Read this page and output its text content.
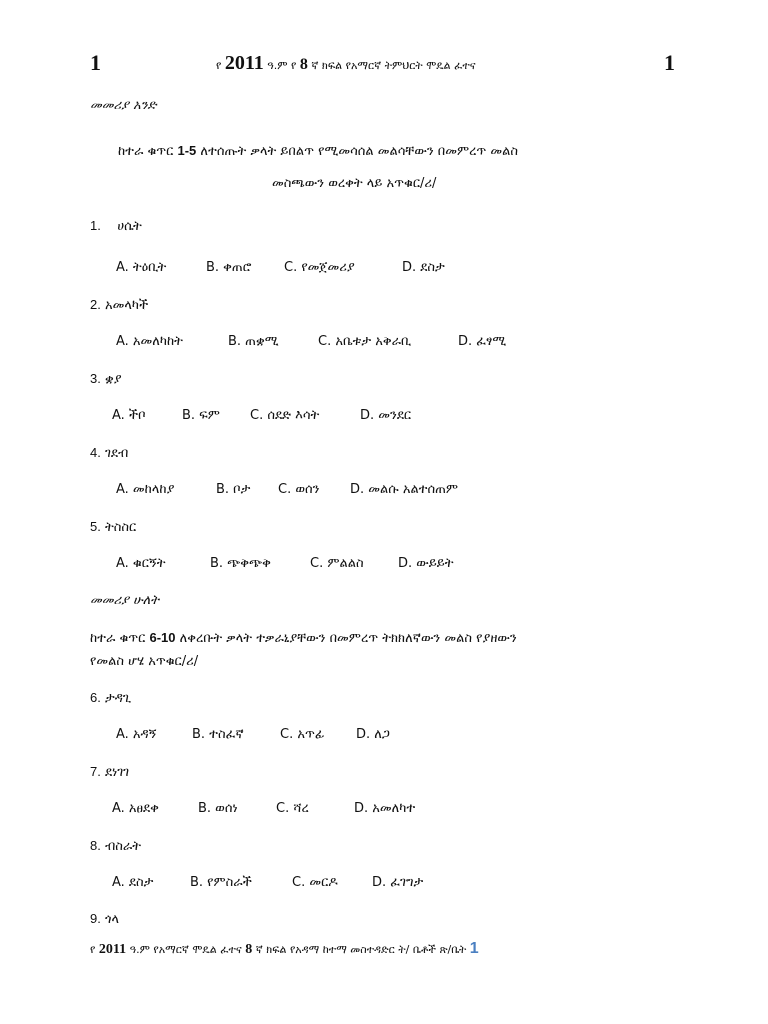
1	የ 2011 ዓ.ም የ 8 ኛ ክፍል የአማርኛ ትምህርት ሞዴል ፈተና	1
መመሪያ አንድ
ከተራ ቁጥር 1-5 ለተሰጡት ቃላት ይበልጥ የሚመሳሰል መልሳቸውን በመምረጥ መልስ
መስጫውን ወረቀት ላይ አጥቁር/ሪ/
1. ሀሴት
A. ትዕቢት	B. ቀጠሮ	C. የመጀመሪያ	D. ደስታ
2. አመላካች
A. አመለካከት	B. ጠቋሚ	C. አቤቱታ አቅራቢ	D. ፈፃሚ
3. ቋያ
A. ችቦ	B. ፍም C. ሰደድ እሳት	D. መንደር
4. ገደብ
A. መከላከያ	B. ቦታ C. ወሰን D. መልሱ አልተሰጠም
5. ትስስር
A. ቁርኝት	B. ጭቅጭቅ	C. ምልልስ	D. ውይይት
መመሪያ ሁለት
ከተራ ቁጥር 6-10 ለቀረቡት ቃላት ተቃራኒያቸውን በመምረጥ ትክክለኛውን መልስ የያዘውን
የመልስ ሆሄ አጥቁር/ሪ/
6. ታዳጊ
A. አዳኝ	B. ተስፈኛ	C. አጥፊ D. ለጋ
7. ደነገገ
A. አፀደቀ	B. ወሰነ	C. ሻረ	D. አመለካተ
8. ብስራት
A. ደስታ	B. የምስራች	C. መርዶ	D. ፈገግታ
9. ጎላ
የ 2011 ዓ.ም የአማርኛ ሞዴል ፈተና 8 ኛ ክፍል የአዳማ ከተማ መስተዳድር ት/ ቤቶች ጽ/ቤት 1
